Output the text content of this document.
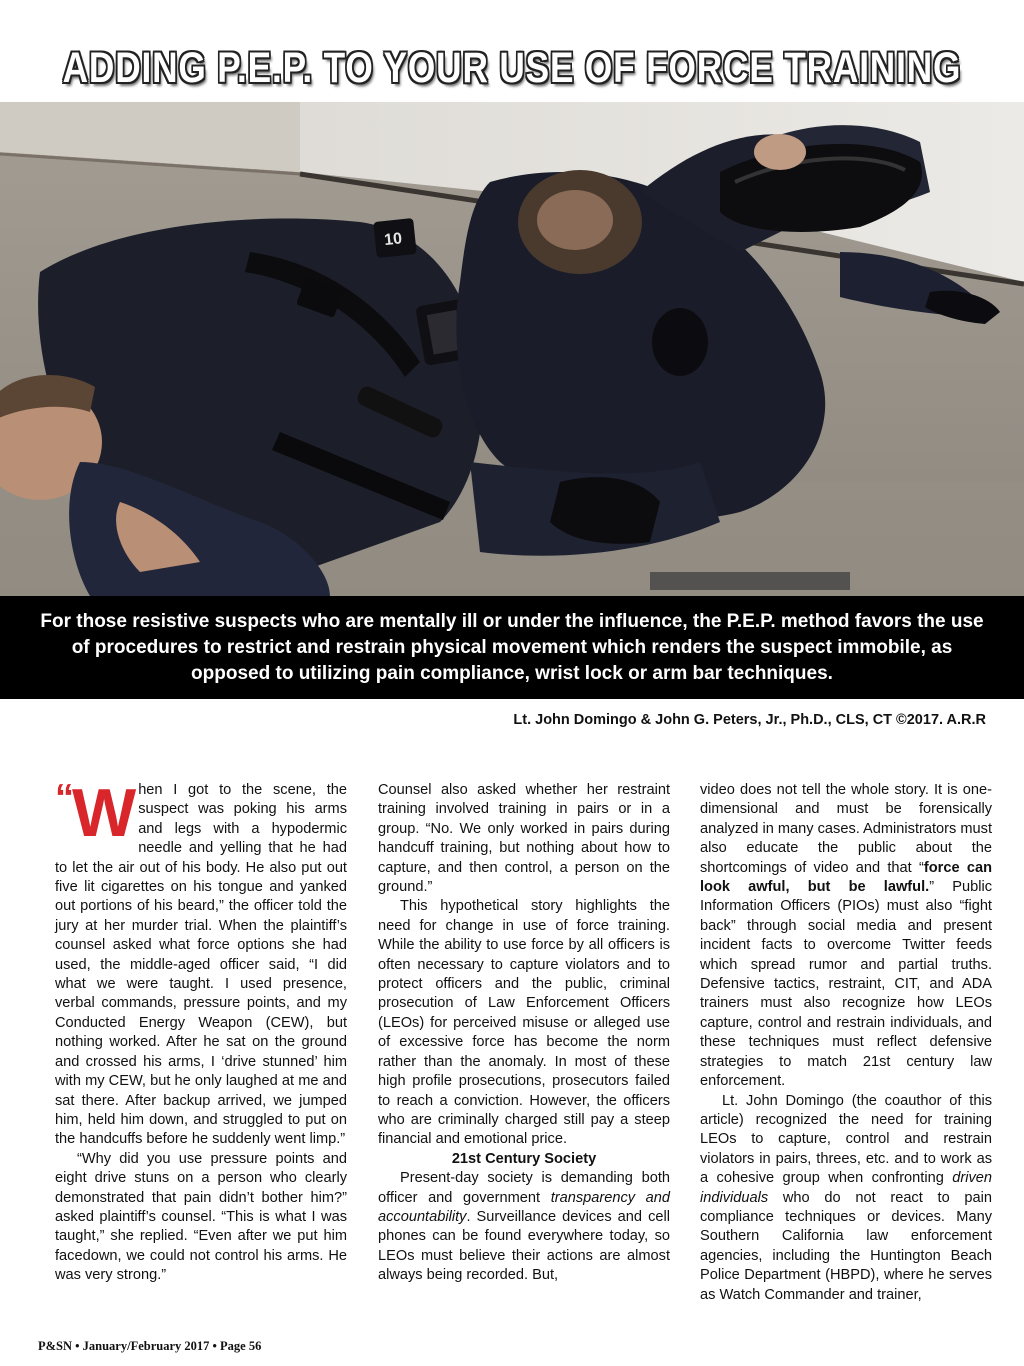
ADDING P.E.P. TO YOUR USE OF FORCE TRAINING
10

For those resistive suspects who are mentally ill or under the influence, the P.E.P. method favors the use of procedures to restrict and restrain physical movement which renders the suspect immobile, as opposed to utilizing pain compliance, wrist lock or arm bar techniques.

Lt. John Domingo & John G. Peters, Jr., Ph.D., CLS, CT ©2017. A.R.R
“W hen I got to the scene, the suspect was poking his arms and legs with a hypodermic needle and yelling that he had to let the air out of his body. He also put out five lit cigarettes on his tongue and yanked out portions of his beard,” the officer told the jury at her murder trial. When the plaintiff’s counsel asked what force options she had used, the middle-aged officer said, “I did what we were taught. I used presence, verbal commands, pressure points, and my Conducted Energy Weapon (CEW), but nothing worked. After he sat on the ground and crossed his arms, I ‘drive stunned’ him with my CEW, but he only laughed at me and sat there. After backup arrived, we jumped him, held him down, and struggled to put on the handcuffs before he suddenly went limp.”

“Why did you use pressure points and eight drive stuns on a person who clearly demonstrated that pain didn’t bother him?” asked plaintiff’s counsel. “This is what I was taught,” she replied. “Even after we put him facedown, we could not control his arms. He was very strong.”

Counsel also asked whether her restraint training involved training in pairs or in a group. “No. We only worked in pairs during handcuff training, but nothing about how to capture, and then control, a person on the ground.”

This hypothetical story highlights the need for change in use of force training. While the ability to use force by all officers is often necessary to capture violators and to protect officers and the public, criminal prosecution of Law Enforcement Officers (LEOs) for perceived misuse or alleged use of excessive force has become the norm rather than the anomaly. In most of these high profile prosecutions, prosecutors failed to reach a conviction. However, the officers who are criminally charged still pay a steep financial and emotional price.

21st Century Society

Present-day society is demanding both officer and government transparency and accountability. Surveillance devices and cell phones can be found everywhere today, so LEOs must believe their actions are almost always being recorded. But,

video does not tell the whole story. It is one-dimensional and must be forensically analyzed in many cases. Administrators must also educate the public about the shortcomings of video and that “force can look awful, but be lawful.” Public Information Officers (PIOs) must also “fight back” through social media and present incident facts to overcome Twitter feeds which spread rumor and partial truths. Defensive tactics, restraint, CIT, and ADA trainers must also recognize how LEOs capture, control and restrain individuals, and these techniques must reflect defensive strategies to match 21st century law enforcement.

Lt. John Domingo (the coauthor of this article) recognized the need for training LEOs to capture, control and restrain violators in pairs, threes, etc. and to work as a cohesive group when confronting driven individuals who do not react to pain compliance techniques or devices. Many Southern California law enforcement agencies, including the Huntington Beach Police Department (HBPD), where he serves as Watch Commander and trainer,

P&SN • January/February 2017 • Page 56
